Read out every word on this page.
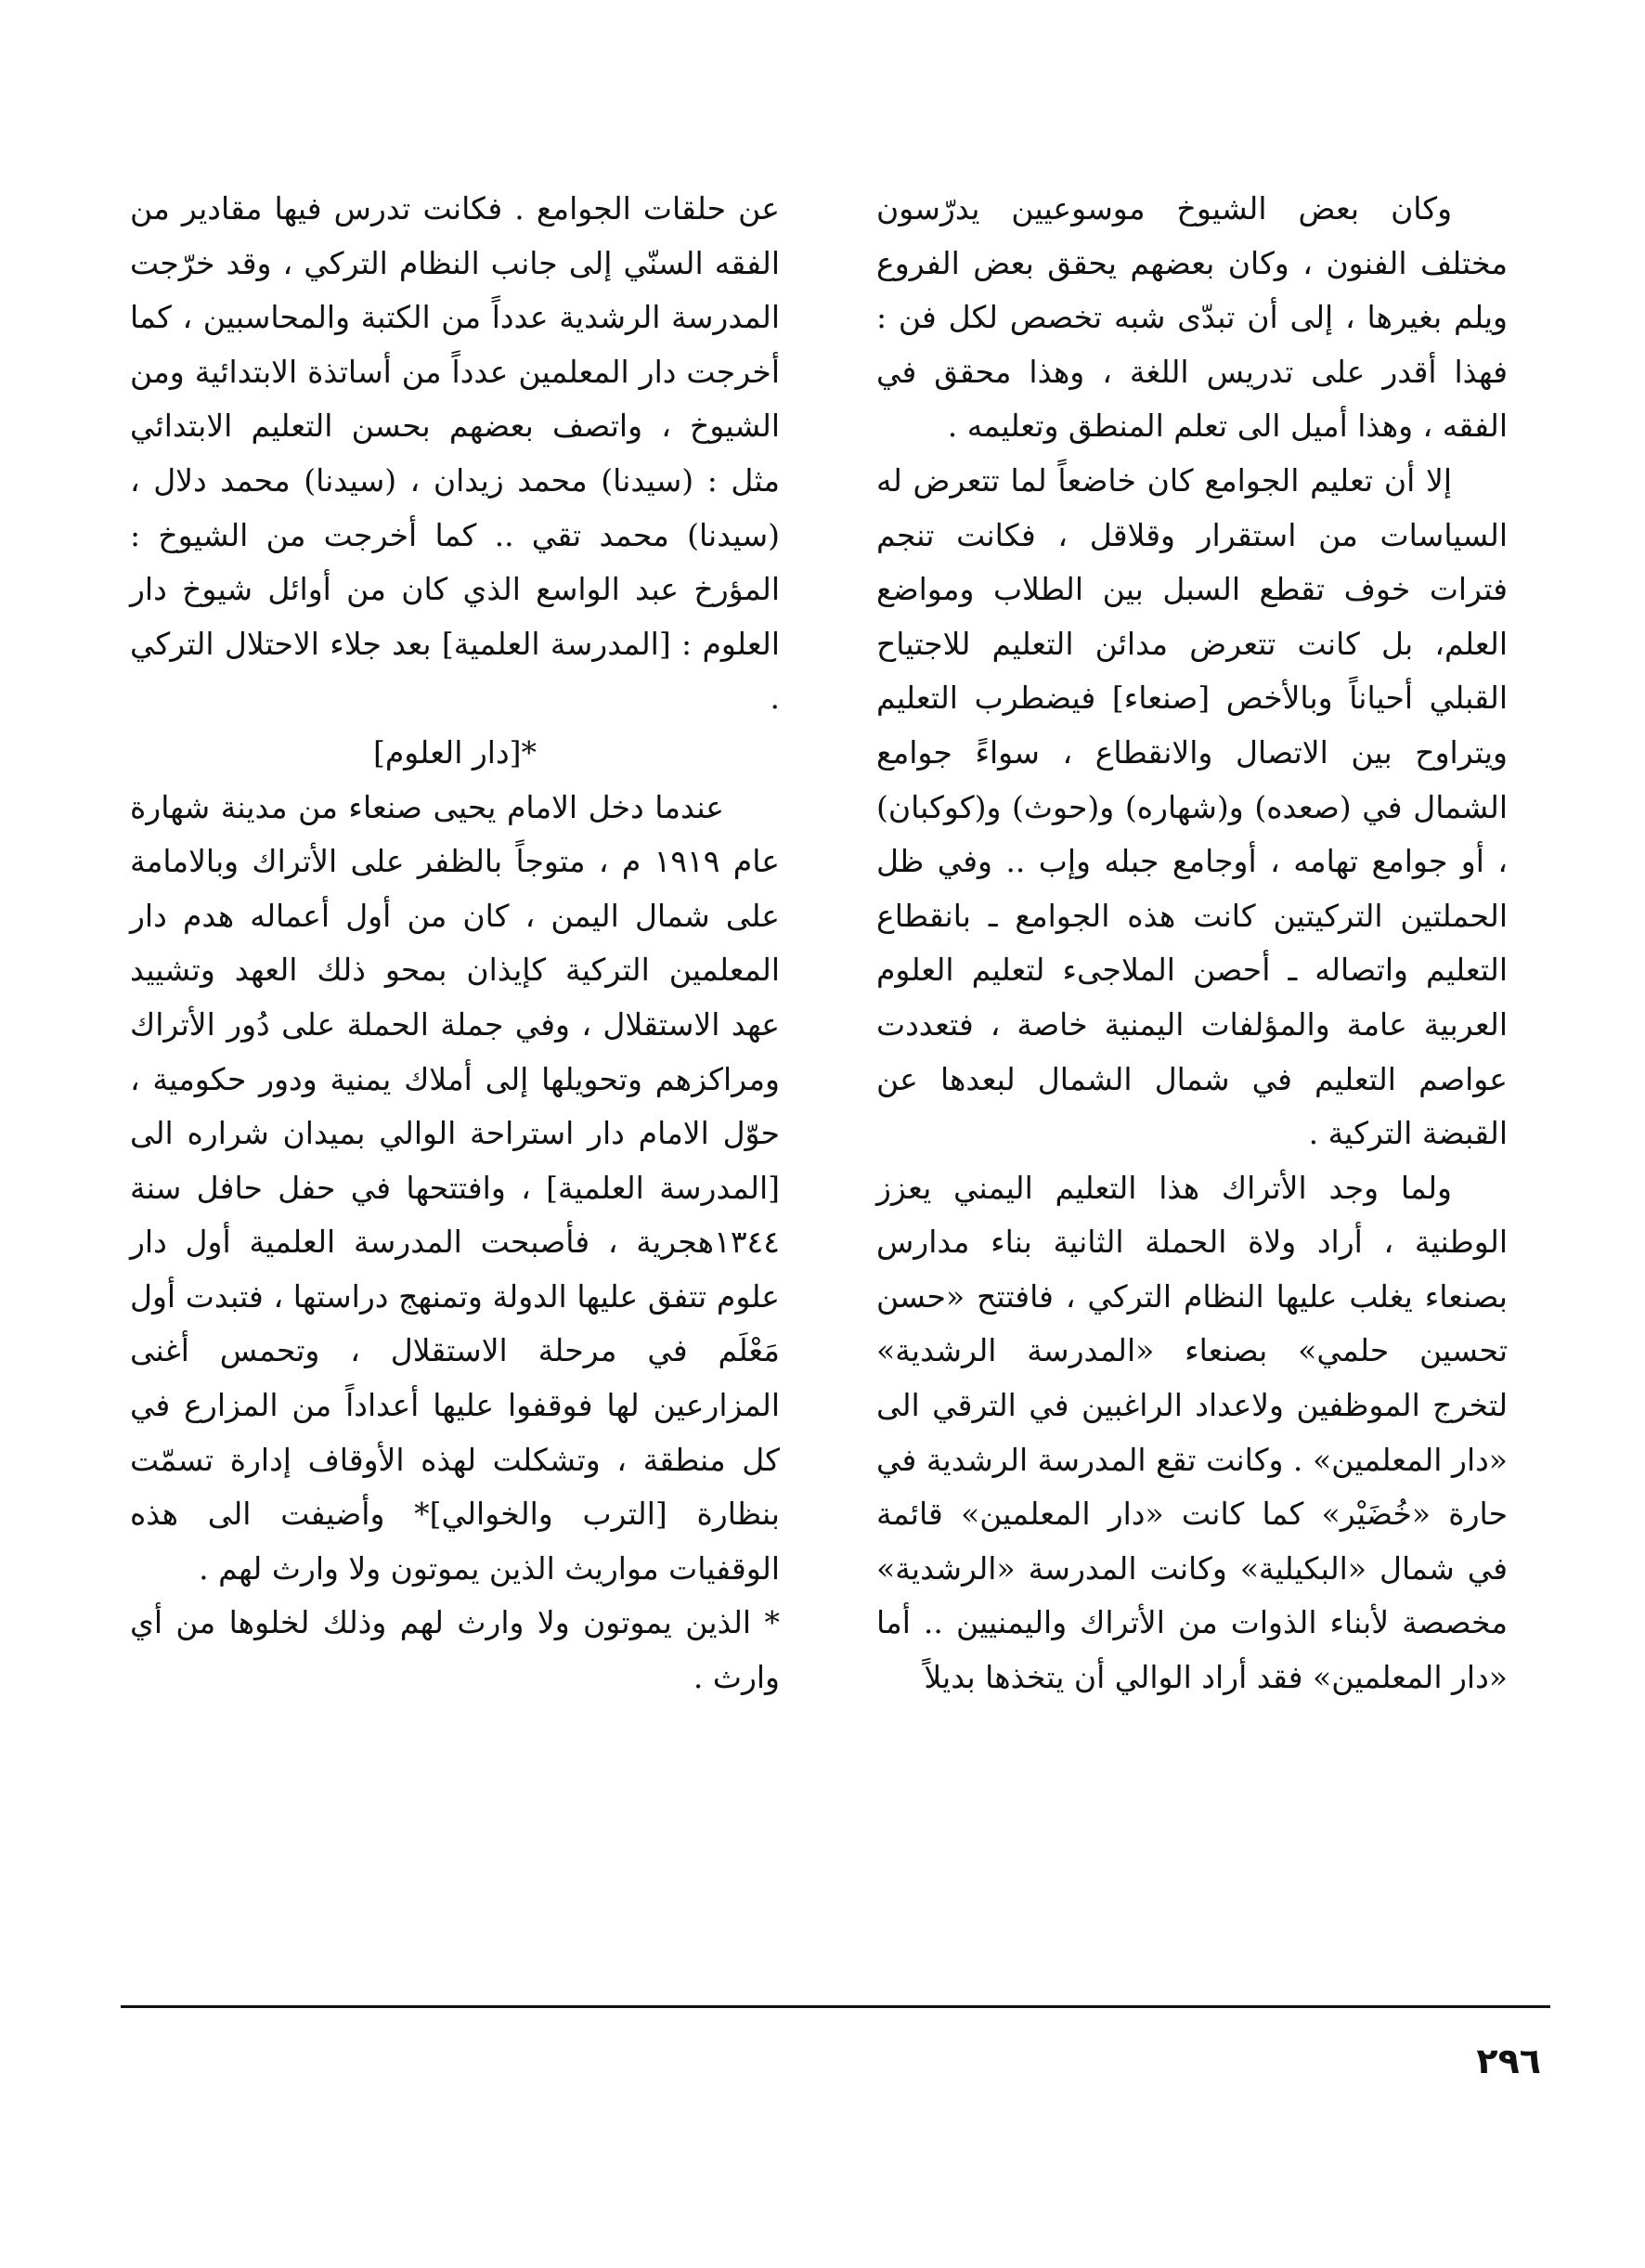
وكان بعض الشيوخ موسوعيين يدرّسون مختلف الفنون ، وكان بعضهم يحقق بعض الفروع ويلم بغيرها ، إلى أن تبدّى شبه تخصص لكل فن : فهذا أقدر على تدريس اللغة ، وهذا محقق في الفقه ، وهذا أميل الى تعلم المنطق وتعليمه .

إلا أن تعليم الجوامع كان خاضعاً لما تتعرض له السياسات من استقرار وقلاقل ، فكانت تنجم فترات خوف تقطع السبل بين الطلاب ومواضع العلم، بل كانت تتعرض مدائن التعليم للاجتياح القبلي أحياناً وبالأخص [صنعاء] فيضطرب التعليم ويتراوح بين الاتصال والانقطاع ، سواءً جوامع الشمال في (صعده) و(شهاره) و(حوث) و(كوكبان) ، أو جوامع تهامه ، أوجامع جبله وإب .. وفي ظل الحملتين التركيتين كانت هذه الجوامع ـ بانقطاع التعليم واتصاله ـ أحصن الملاجىء لتعليم العلوم العربية عامة والمؤلفات اليمنية خاصة ، فتعددت عواصم التعليم في شمال الشمال لبعدها عن القبضة التركية .

ولما وجد الأتراك هذا التعليم اليمني يعزز الوطنية ، أراد ولاة الحملة الثانية بناء مدارس بصنعاء يغلب عليها النظام التركي ، فافتتح «حسن تحسين حلمي» بصنعاء «المدرسة الرشدية» لتخرج الموظفين ولاعداد الراغبين في الترقي الى «دار المعلمين» . وكانت تقع المدرسة الرشدية في حارة «خُضَيْر» كما كانت «دار المعلمين» قائمة في شمال «البكيلية» وكانت المدرسة «الرشدية» مخصصة لأبناء الذوات من الأتراك واليمنيين .. أما «دار المعلمين» فقد أراد الوالي أن يتخذها بديلاً

عن حلقات الجوامع . فكانت تدرس فيها مقادير من الفقه السنّي إلى جانب النظام التركي ، وقد خرّجت المدرسة الرشدية عدداً من الكتبة والمحاسبين ، كما أخرجت دار المعلمين عدداً من أساتذة الابتدائية ومن الشيوخ ، واتصف بعضهم بحسن التعليم الابتدائي مثل : (سيدنا) محمد زيدان ، (سيدنا) محمد دلال ، (سيدنا) محمد تقي .. كما أخرجت من الشيوخ : المؤرخ عبد الواسع الذي كان من أوائل شيوخ دار العلوم : [المدرسة العلمية] بعد جلاء الاحتلال التركي .

*[دار العلوم]

عندما دخل الامام يحيى صنعاء من مدينة شهارة عام ١٩١٩ م ، متوجاً بالظفر على الأتراك وبالامامة على شمال اليمن ، كان من أول أعماله هدم دار المعلمين التركية كإيذان بمحو ذلك العهد وتشييد عهد الاستقلال ، وفي جملة الحملة على دُور الأتراك ومراكزهم وتحويلها إلى أملاك يمنية ودور حكومية ، حوّل الامام دار استراحة الوالي بميدان شراره الى [المدرسة العلمية] ، وافتتحها في حفل حافل سنة ١٣٤٤هجرية ، فأصبحت المدرسة العلمية أول دار علوم تتفق عليها الدولة وتمنهج دراستها ، فتبدت أول مَعْلَم في مرحلة الاستقلال ، وتحمس أغنى المزارعين لها فوقفوا عليها أعداداً من المزارع في كل منطقة ، وتشكلت لهذه الأوقاف إدارة تسمّت بنظارة [الترب والخوالي]* وأضيفت الى هذه الوقفيات مواريث الذين يموتون ولا وارث لهم .

* الذين يموتون ولا وارث لهم وذلك لخلوها من أي وارث .

٢٩٦
